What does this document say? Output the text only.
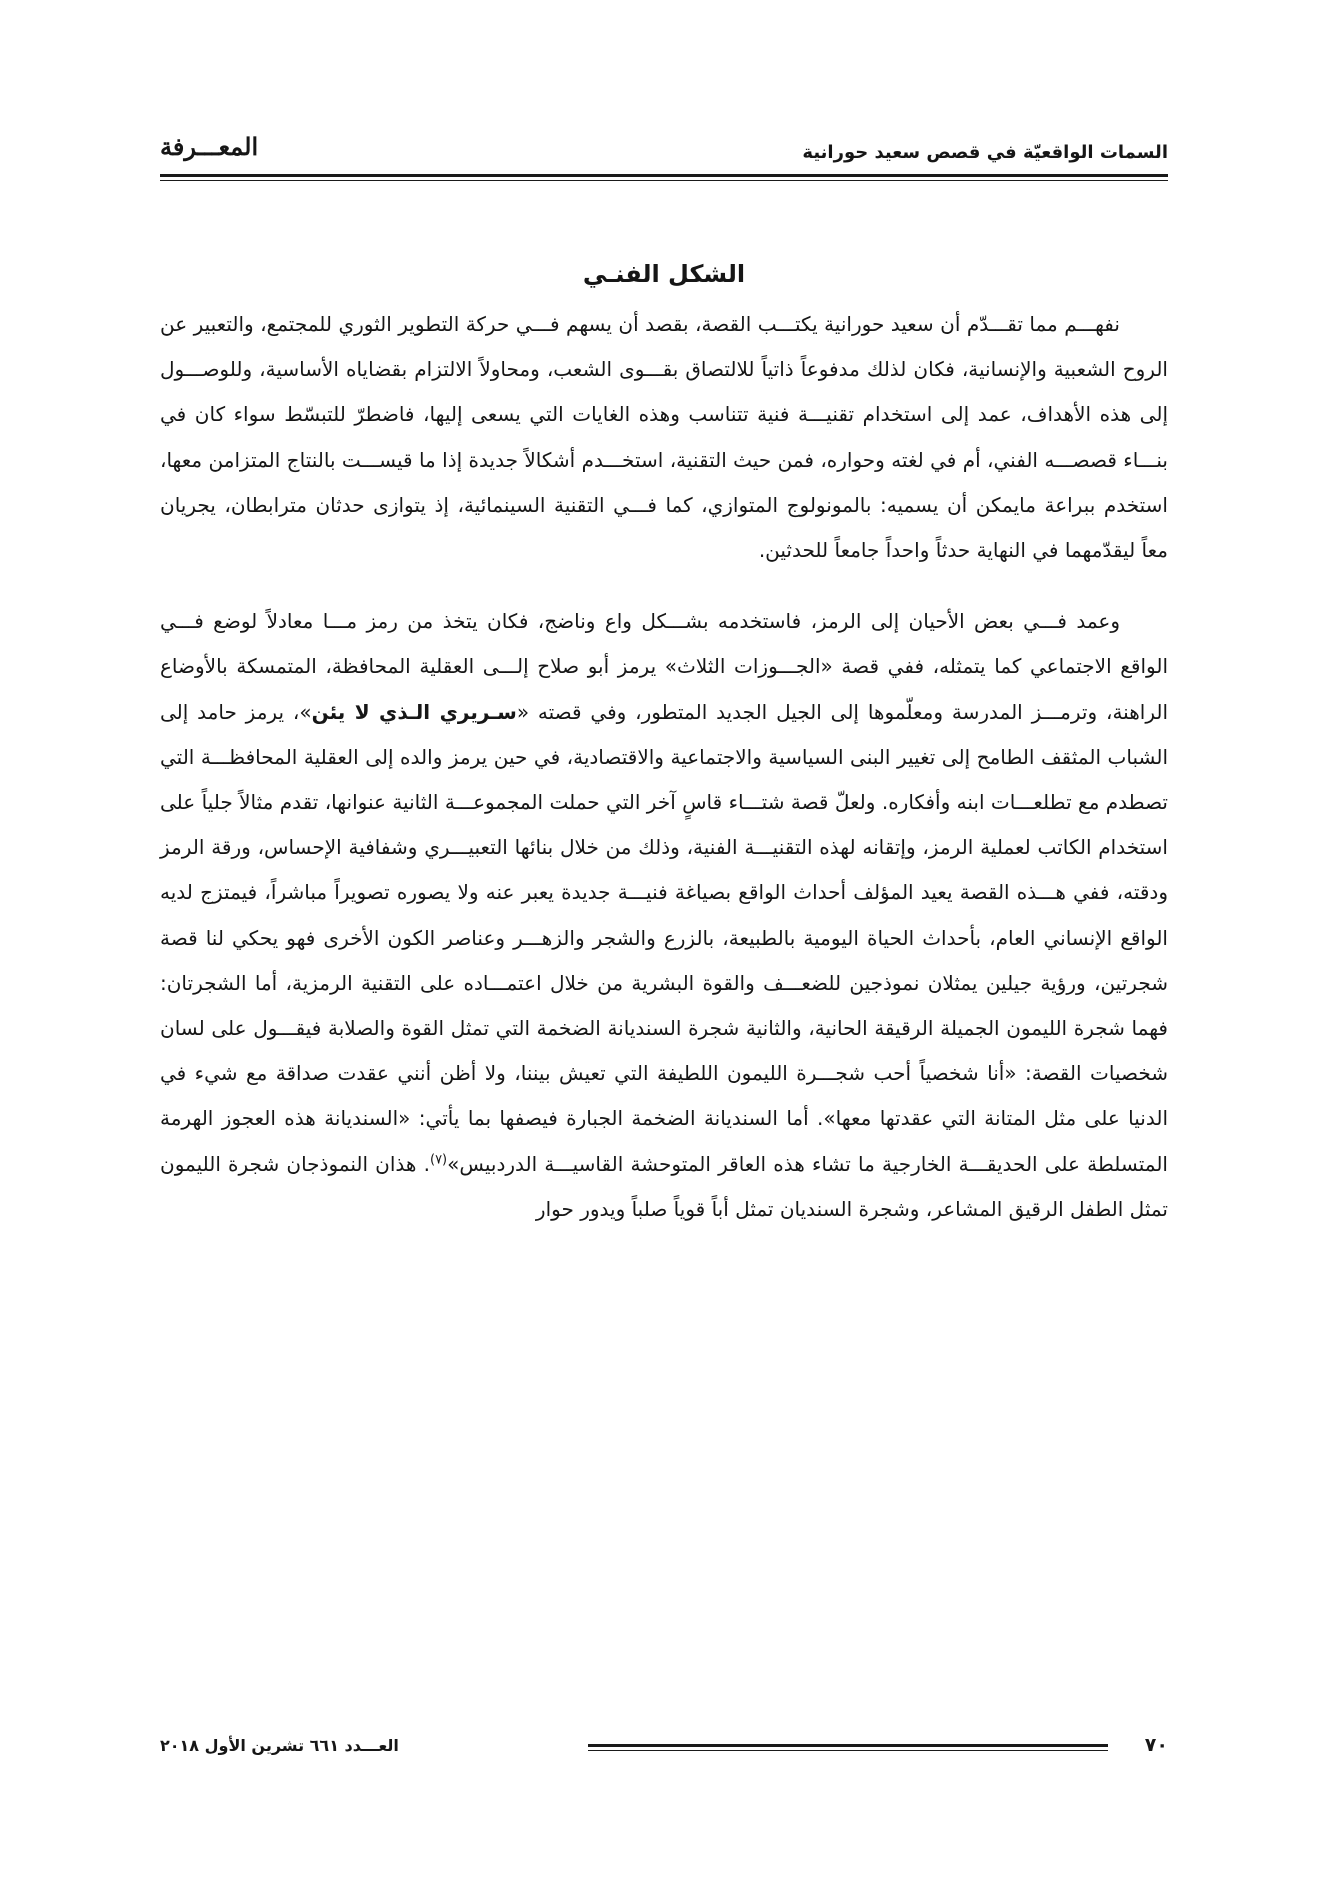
السمات الواقعيّة في قصص سعيد حورانية
المعـــرفة
الشكل الفنـي

نفهـــم مما تقـــدّم أن سعيد حورانية يكتـــب القصة، بقصد أن يسهم فـــي حركة التطوير الثوري للمجتمع، والتعبير عن الروح الشعبية والإنسانية، فكان لذلك مدفوعاً ذاتياً للالتصاق بقـــوى الشعب، ومحاولاً الالتزام بقضاياه الأساسية، وللوصـــول إلى هذه الأهداف، عمد إلى استخدام تقنيـــة فنية تتناسب وهذه الغايات التي يسعى إليها، فاضطرّ للتبسّط سواء كان في بنـــاء قصصـــه الفني، أم في لغته وحواره، فمن حيث التقنية، استخـــدم أشكالاً جديدة إذا ما قيســـت بالنتاج المتزامن معها، استخدم ببراعة مايمكن أن يسميه: بالمونولوج المتوازي، كما فـــي التقنية السينمائية، إذ يتوازى حدثان مترابطان، يجريان معاً ليقدّمهما في النهاية حدثاً واحداً جامعاً للحدثين.

وعمد فـــي بعض الأحيان إلى الرمز، فاستخدمه بشـــكل واع وناضج، فكان يتخذ من رمز مـــا معادلاً لوضع فـــي الواقع الاجتماعي كما يتمثله، ففي قصة «الجـــوزات الثلاث» يرمز أبو صلاح إلـــى العقلية المحافظة، المتمسكة بالأوضاع الراهنة، وترمـــز المدرسة ومعلّموها إلى الجيل الجديد المتطور، وفي قصته «سـريري الـذي لا يئن»، يرمز حامد إلى الشباب المثقف الطامح إلى تغيير البنى السياسية والاجتماعية والاقتصادية، في حين يرمز والده إلى العقلية المحافظـــة التي تصطدم مع تطلعـــات ابنه وأفكاره. ولعلّ قصة شتـــاء قاسٍ آخر التي حملت المجموعـــة الثانية عنوانها، تقدم مثالاً جلياً على استخدام الكاتب لعملية الرمز، وإتقانه لهذه التقنيـــة الفنية، وذلك من خلال بنائها التعبيـــري وشفافية الإحساس، ورقة الرمز ودقته، ففي هـــذه القصة يعيد المؤلف أحداث الواقع بصياغة فنيـــة جديدة يعبر عنه ولا يصوره تصويراً مباشراً، فيمتزج لديه الواقع الإنساني العام، بأحداث الحياة اليومية بالطبيعة، بالزرع والشجر والزهـــر وعناصر الكون الأخرى فهو يحكي لنا قصة شجرتين، ورؤية جيلين يمثلان نموذجين للضعـــف والقوة البشرية من خلال اعتمـــاده على التقنية الرمزية، أما الشجرتان: فهما شجرة الليمون الجميلة الرقيقة الحانية، والثانية شجرة السنديانة الضخمة التي تمثل القوة والصلابة فيقـــول على لسان شخصيات القصة: «أنا شخصياً أحب شجـــرة الليمون اللطيفة التي تعيش بيننا، ولا أظن أنني عقدت صداقة مع شيء في الدنيا على مثل المتانة التي عقدتها معها». أما السنديانة الضخمة الجبارة فيصفها بما يأتي: «السنديانة هذه العجوز الهرمة المتسلطة على الحديقـــة الخارجية ما تشاء هذه العاقر المتوحشة القاسيـــة الدردبيس»$^{(٧)}$. هذان النموذجان شجرة الليمون تمثل الطفل الرقيق المشاعر، وشجرة السنديان تمثل أباً قوياً صلباً ويدور حوار

٧٠
العـــدد ٦٦١ تشرين الأول ٢٠١٨
